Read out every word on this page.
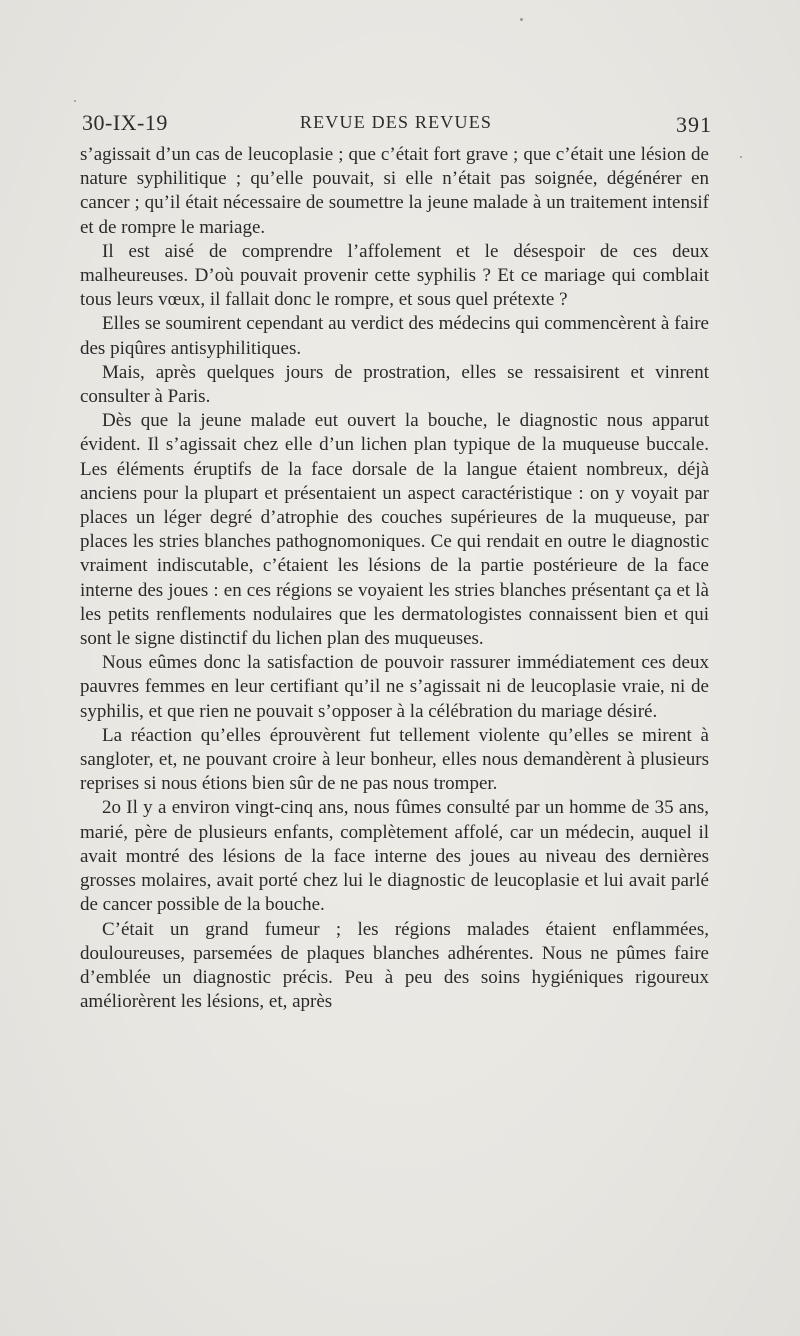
30-IX-19	REVUE DES REVUES	391

s’agissait d’un cas de leucoplasie ; que c’était fort grave ; que c’était une lésion de nature syphilitique ; qu’elle pouvait, si elle n’était pas soignée, dégénérer en cancer ; qu’il était nécessaire de soumettre la jeune malade à un traitement intensif et de rompre le mariage.

Il est aisé de comprendre l’affolement et le désespoir de ces deux malheureuses. D’où pouvait provenir cette syphilis ? Et ce mariage qui comblait tous leurs vœux, il fallait donc le rompre, et sous quel prétexte ?

Elles se soumirent cependant au verdict des médecins qui commencèrent à faire des piqûres antisyphilitiques.

Mais, après quelques jours de prostration, elles se ressaisirent et vinrent consulter à Paris.

Dès que la jeune malade eut ouvert la bouche, le diagnostic nous apparut évident. Il s’agissait chez elle d’un lichen plan typique de la muqueuse buccale. Les éléments éruptifs de la face dorsale de la langue étaient nombreux, déjà anciens pour la plupart et présentaient un aspect caractéristique : on y voyait par places un léger degré d’atrophie des couches supérieures de la muqueuse, par places les stries blanches pathognomoniques. Ce qui rendait en outre le diagnostic vraiment indiscutable, c’étaient les lésions de la partie postérieure de la face interne des joues : en ces régions se voyaient les stries blanches présentant ça et là les petits renflements nodulaires que les dermatologistes connaissent bien et qui sont le signe distinctif du lichen plan des muqueuses.

Nous eûmes donc la satisfaction de pouvoir rassurer immédiatement ces deux pauvres femmes en leur certifiant qu’il ne s’agissait ni de leucoplasie vraie, ni de syphilis, et que rien ne pouvait s’opposer à la célébration du mariage désiré.

La réaction qu’elles éprouvèrent fut tellement violente qu’elles se mirent à sangloter, et, ne pouvant croire à leur bonheur, elles nous demandèrent à plusieurs reprises si nous étions bien sûr de ne pas nous tromper.

2o Il y a environ vingt-cinq ans, nous fûmes consulté par un homme de 35 ans, marié, père de plusieurs enfants, complètement affolé, car un médecin, auquel il avait montré des lésions de la face interne des joues au niveau des dernières grosses molaires, avait porté chez lui le diagnostic de leucoplasie et lui avait parlé de cancer possible de la bouche.

C’était un grand fumeur ; les régions malades étaient enflammées, douloureuses, parsemées de plaques blanches adhérentes. Nous ne pûmes faire d’emblée un diagnostic précis. Peu à peu des soins hygiéniques rigoureux améliorèrent les lésions, et, après
